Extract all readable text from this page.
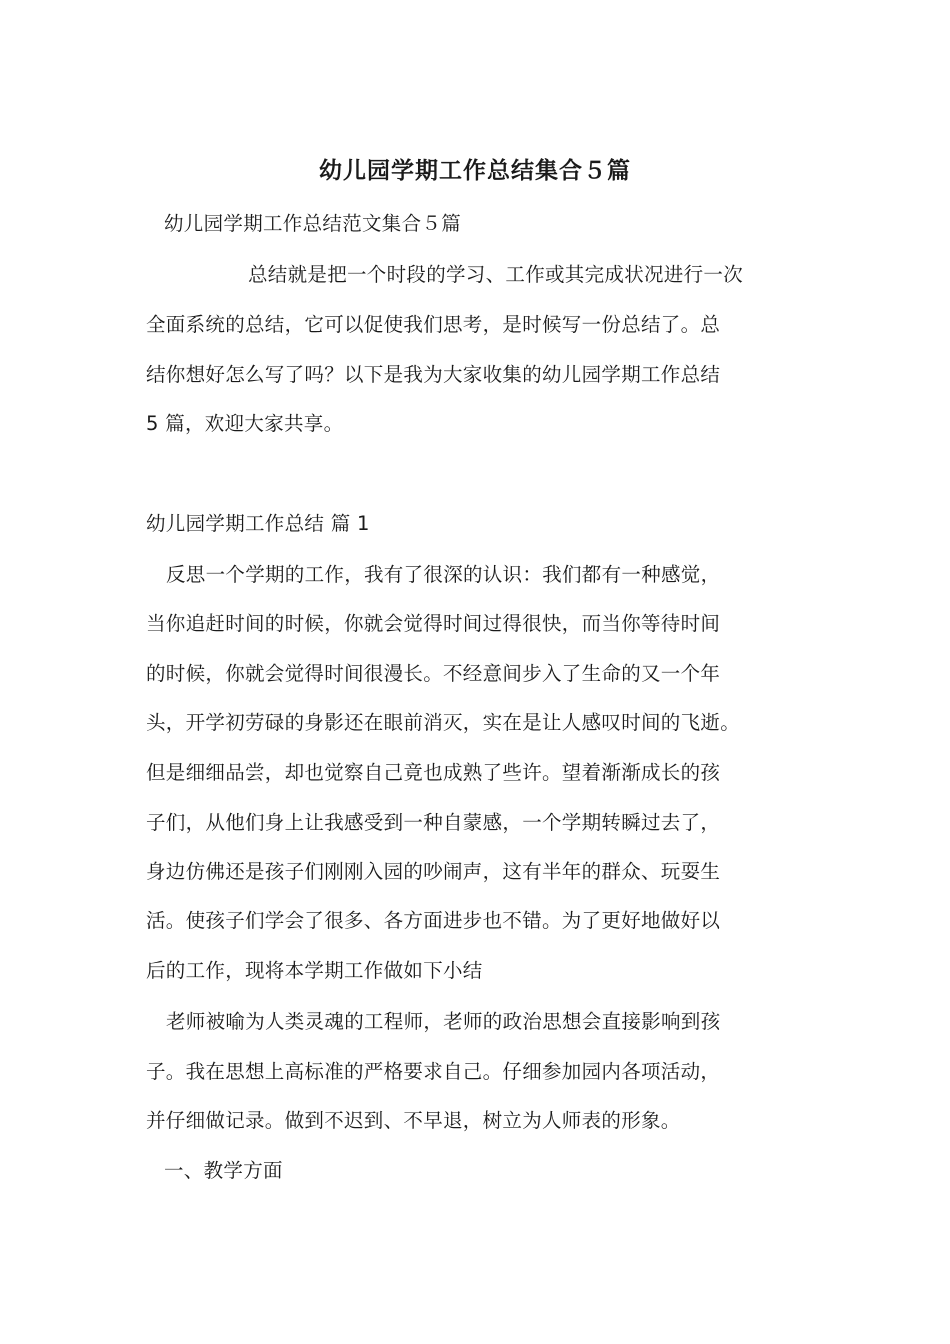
幼儿园学期工作总结集合５篇
幼儿园学期工作总结范文集合５篇
总结就是把一个时段的学习、工作或其完成状况进行一次
全面系统的总结，它可以促使我们思考，是时候写一份总结了。总
结你想好怎么写了吗？以下是我为大家收集的幼儿园学期工作总结
5 篇，欢迎大家共享。
幼儿园学期工作总结 篇 1
反思一个学期的工作，我有了很深的认识：我们都有一种感觉，
当你追赶时间的时候，你就会觉得时间过得很快，而当你等待时间
的时候，你就会觉得时间很漫长。不经意间步入了生命的又一个年
头，开学初劳碌的身影还在眼前消灭，实在是让人感叹时间的飞逝。
但是细细品尝，却也觉察自己竟也成熟了些许。望着渐渐成长的孩
子们，从他们身上让我感受到一种自蒙感，一个学期转瞬过去了，
身边仿佛还是孩子们刚刚入园的吵闹声，这有半年的群众、玩耍生
活。使孩子们学会了很多、各方面进步也不错。为了更好地做好以
后的工作，现将本学期工作做如下小结
老师被喻为人类灵魂的工程师，老师的政治思想会直接影响到孩
子。我在思想上高标准的严格要求自己。仔细参加园内各项活动，
并仔细做记录。做到不迟到、不早退，树立为人师表的形象。
一、教学方面
